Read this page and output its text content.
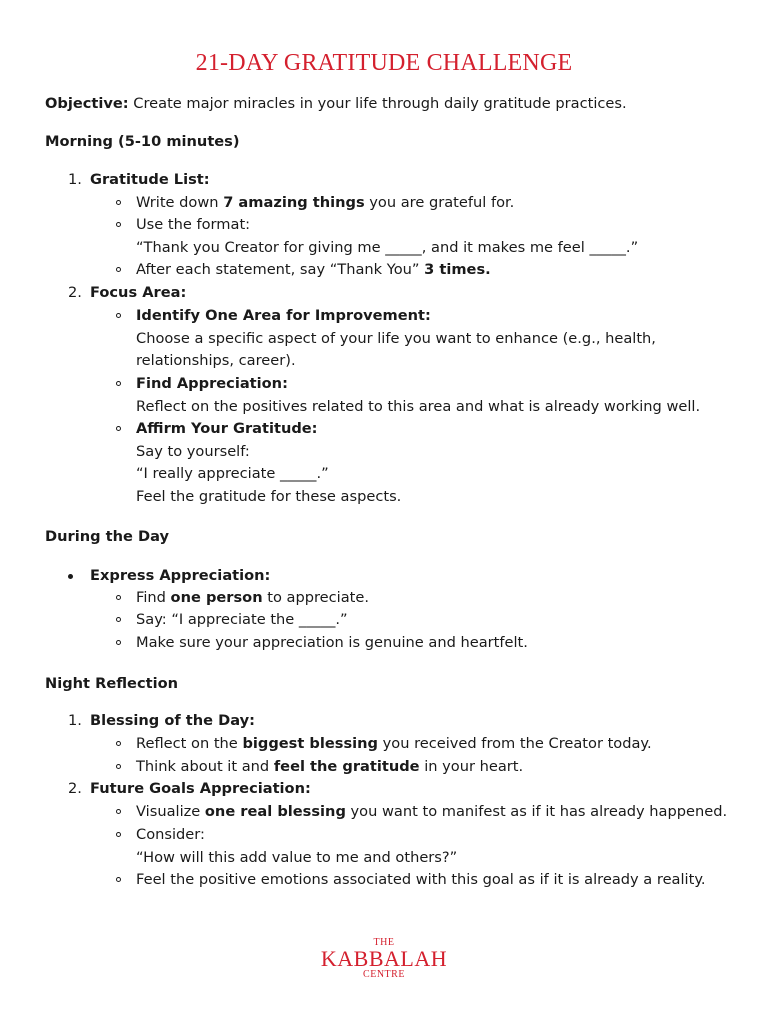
21-DAY GRATITUDE CHALLENGE
Objective: Create major miracles in your life through daily gratitude practices.
Morning (5-10 minutes)
1. Gratitude List:
Write down 7 amazing things you are grateful for.
Use the format:
“Thank you Creator for giving me _____, and it makes me feel _____.”
After each statement, say “Thank You” 3 times.
2. Focus Area:
Identify One Area for Improvement:
Choose a specific aspect of your life you want to enhance (e.g., health,
relationships, career).
Find Appreciation:
Reflect on the positives related to this area and what is already working well.
Affirm Your Gratitude:
Say to yourself:
“I really appreciate _____.”
Feel the gratitude for these aspects.
During the Day
Express Appreciation:
Find one person to appreciate.
Say: “I appreciate the _____.”
Make sure your appreciation is genuine and heartfelt.
Night Reflection
1. Blessing of the Day:
Reflect on the biggest blessing you received from the Creator today.
Think about it and feel the gratitude in your heart.
2. Future Goals Appreciation:
Visualize one real blessing you want to manifest as if it has already happened.
Consider:
“How will this add value to me and others?”
Feel the positive emotions associated with this goal as if it is already a reality.
THE
KABBALAH
CENTRE
